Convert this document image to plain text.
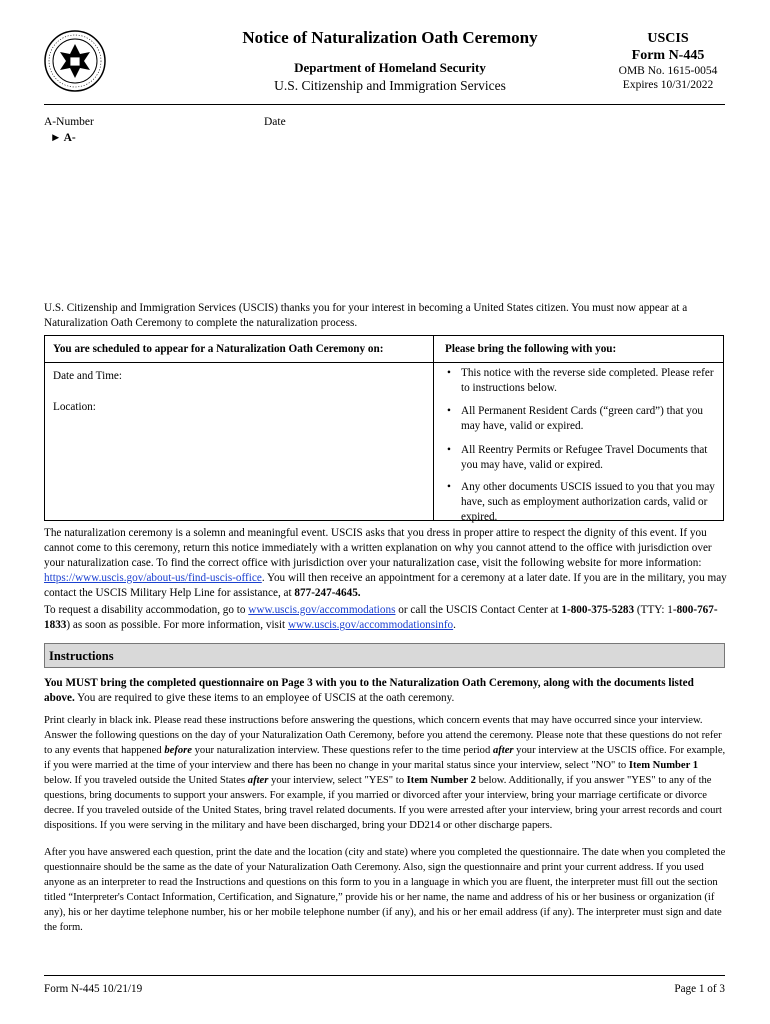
Notice of Naturalization Oath Ceremony
Department of Homeland Security
U.S. Citizenship and Immigration Services
USCIS
Form N-445
OMB No. 1615-0054
Expires 10/31/2022
A-Number	Date
► A-
U.S. Citizenship and Immigration Services (USCIS) thanks you for your interest in becoming a United States citizen. You must now appear at a Naturalization Oath Ceremony to complete the naturalization process.
You are scheduled to appear for a Naturalization Oath Ceremony on:	Please bring the following with you:
Date and Time:
Location:
• This notice with the reverse side completed. Please refer to instructions below.
• All Permanent Resident Cards (“green card”) that you may have, valid or expired.
• All Reentry Permits or Refugee Travel Documents that you may have, valid or expired.
• Any other documents USCIS issued to you that you may have, such as employment authorization cards, valid or expired.
The naturalization ceremony is a solemn and meaningful event. USCIS asks that you dress in proper attire to respect the dignity of this event. If you cannot come to this ceremony, return this notice immediately with a written explanation on why you cannot attend to the office with jurisdiction over your naturalization case. To find the correct office with jurisdiction over your naturalization case, visit the following website for more information: https://www.uscis.gov/about-us/find-uscis-office. You will then receive an appointment for a ceremony at a later date. If you are in the military, you may contact the USCIS Military Help Line for assistance, at 877-247-4645.
To request a disability accommodation, go to www.uscis.gov/accommodations or call the USCIS Contact Center at 1-800-375-5283 (TTY: 1-800-767-1833) as soon as possible. For more information, visit www.uscis.gov/accommodationsinfo.
Instructions
You MUST bring the completed questionnaire on Page 3 with you to the Naturalization Oath Ceremony, along with the documents listed above. You are required to give these items to an employee of USCIS at the oath ceremony.
Print clearly in black ink. Please read these instructions before answering the questions, which concern events that may have occurred since your interview.
Answer the following questions on the day of your Naturalization Oath Ceremony, before you attend the ceremony. Please note that these questions do not refer to any events that happened before your naturalization interview. These questions refer to the time period after your interview at the USCIS office. For example, if you were married at the time of your interview and there has been no change in your marital status since your interview, select "NO" to Item Number 1 below. If you traveled outside the United States after your interview, select "YES" to Item Number 2 below. Additionally, if you answer "YES" to any of the questions, bring documents to support your answers. For example, if you married or divorced after your interview, bring your marriage certificate or divorce decree. If you traveled outside of the United States, bring travel related documents. If you were arrested after your interview, bring your arrest records and court dispositions. If you were serving in the military and have been discharged, bring your DD214 or other discharge papers.
After you have answered each question, print the date and the location (city and state) where you completed the questionnaire. The date when you completed the questionnaire should be the same as the date of your Naturalization Oath Ceremony. Also, sign the questionnaire and print your current address. If you used anyone as an interpreter to read the Instructions and questions on this form to you in a language in which you are fluent, the interpreter must fill out the section titled “Interpreter's Contact Information, Certification, and Signature,” provide his or her name, the name and address of his or her business or organization (if any), his or her daytime telephone number, his or her mobile telephone number (if any), and his or her email address (if any). The interpreter must sign and date the form.
Form N-445 10/21/19	Page 1 of 3
